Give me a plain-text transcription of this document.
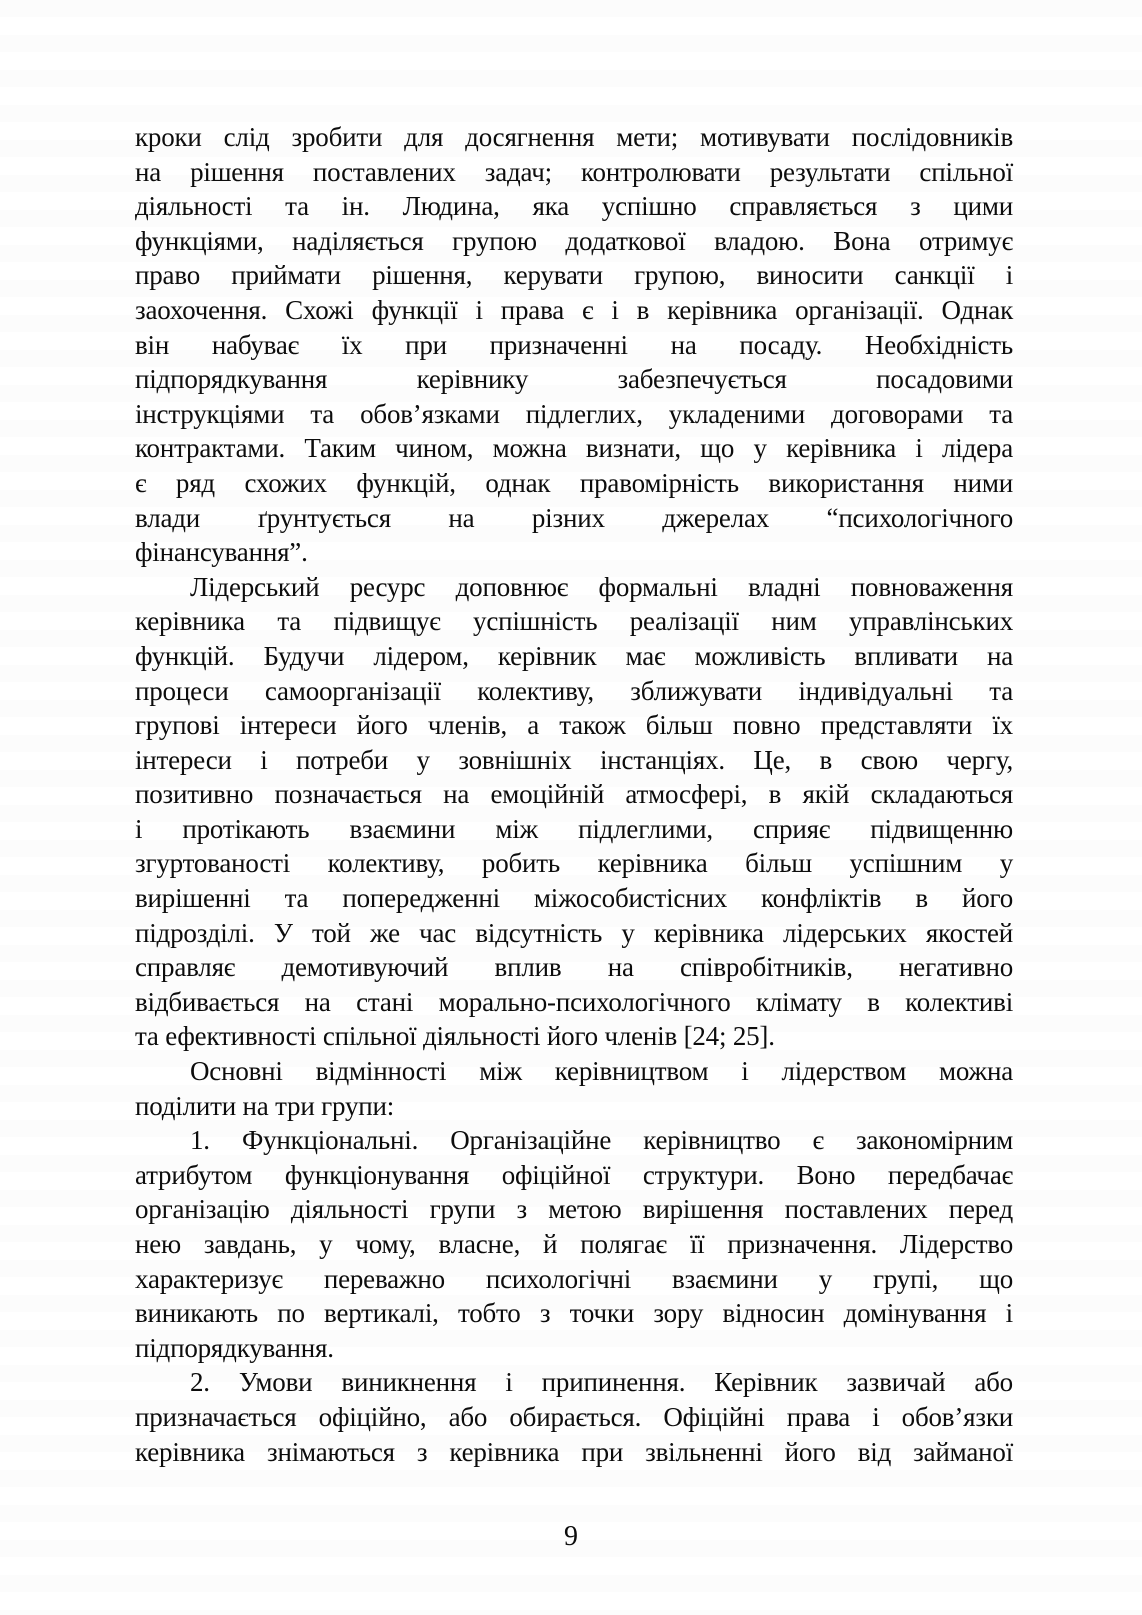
кроки слід зробити для досягнення мети; мотивувати послідовників
на рішення поставлених задач; контролювати результати спільної
діяльності та ін. Людина, яка успішно справляється з цими
функціями, наділяється групою додаткової владою. Вона отримує
право приймати рішення, керувати групою, виносити санкції і
заохочення. Схожі функції і права є і в керівника організації. Однак
він набуває їх при призначенні на посаду. Необхідність
підпорядкування керівнику забезпечується посадовими
інструкціями та обов’язками підлеглих, укладеними договорами та
контрактами. Таким чином, можна визнати, що у керівника і лідера
є ряд схожих функцій, однак правомірність використання ними
влади ґрунтується на різних джерелах “психологічного
фінансування”.
Лідерський ресурс доповнює формальні владні повноваження
керівника та підвищує успішність реалізації ним управлінських
функцій. Будучи лідером, керівник має можливість впливати на
процеси самоорганізації колективу, зближувати індивідуальні та
групові інтереси його членів, а також більш повно представляти їх
інтереси і потреби у зовнішніх інстанціях. Це, в свою чергу,
позитивно позначається на емоційній атмосфері, в якій складаються
і протікають взаємини між підлеглими, сприяє підвищенню
згуртованості колективу, робить керівника більш успішним у
вирішенні та попередженні міжособистісних конфліктів в його
підрозділі. У той же час відсутність у керівника лідерських якостей
справляє демотивуючий вплив на співробітників, негативно
відбивається на стані морально-психологічного клімату в колективі
та ефективності спільної діяльності його членів [24; 25].
Основні відмінності між керівництвом і лідерством можна
поділити на три групи:
1. Функціональні. Організаційне керівництво є закономірним
атрибутом функціонування офіційної структури. Воно передбачає
організацію діяльності групи з метою вирішення поставлених перед
нею завдань, у чому, власне, й полягає її призначення. Лідерство
характеризує переважно психологічні взаємини у групі, що
виникають по вертикалі, тобто з точки зору відносин домінування і
підпорядкування.
2. Умови виникнення і припинення. Керівник зазвичай або
призначається офіційно, або обирається. Офіційні права і обов’язки
керівника знімаються з керівника при звільненні його від займаної
9
